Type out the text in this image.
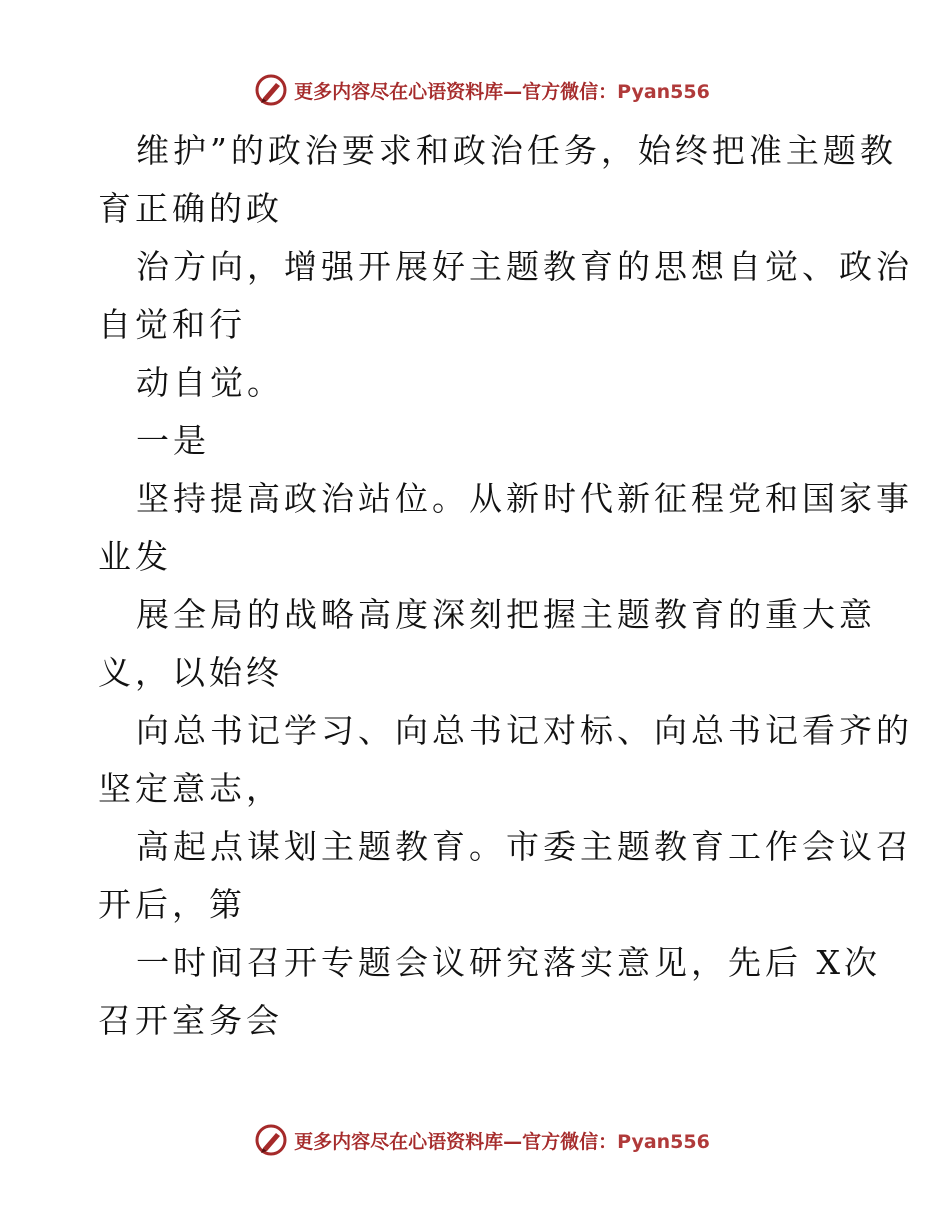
更多内容尽在心语资料库—官方微信：Pyan556
维护”的政治要求和政治任务，始终把准主题教
育正确的政
治方向，增强开展好主题教育的思想自觉、政治
自觉和行
动自觉。
一是
坚持提高政治站位。从新时代新征程党和国家事
业发
展全局的战略高度深刻把握主题教育的重大意
义，以始终
向总书记学习、向总书记对标、向总书记看齐的
坚定意志，
高起点谋划主题教育。市委主题教育工作会议召
开后，第
一时间召开专题会议研究落实意见，先后 X次
召开室务会
更多内容尽在心语资料库—官方微信：Pyan556
